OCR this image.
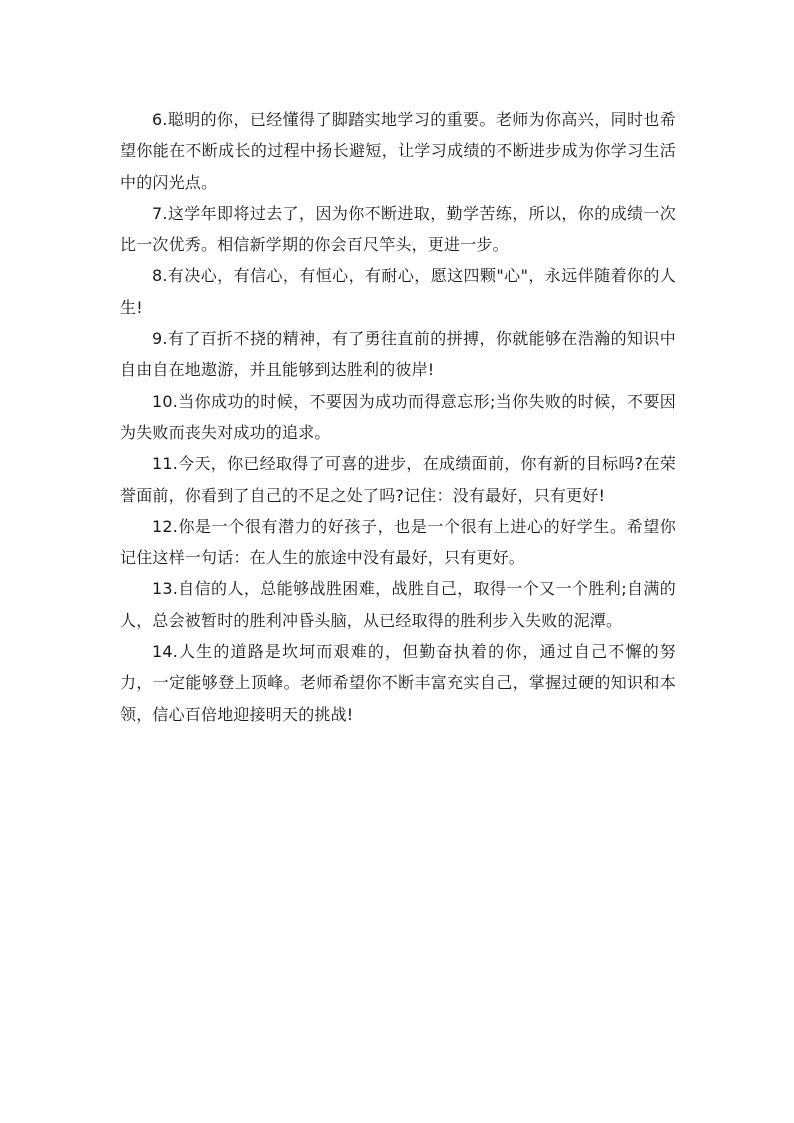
6.聪明的你，已经懂得了脚踏实地学习的重要。老师为你高兴，同时也希望你能在不断成长的过程中扬长避短，让学习成绩的不断进步成为你学习生活中的闪光点。

7.这学年即将过去了，因为你不断进取，勤学苦练，所以，你的成绩一次比一次优秀。相信新学期的你会百尺竿头，更进一步。

8.有决心，有信心，有恒心，有耐心，愿这四颗"心"，永远伴随着你的人生!

9.有了百折不挠的精神，有了勇往直前的拼搏，你就能够在浩瀚的知识中自由自在地遨游，并且能够到达胜利的彼岸!

10.当你成功的时候，不要因为成功而得意忘形;当你失败的时候，不要因为失败而丧失对成功的追求。

11.今天，你已经取得了可喜的进步，在成绩面前，你有新的目标吗?在荣誉面前，你看到了自己的不足之处了吗?记住：没有最好，只有更好!

12.你是一个很有潜力的好孩子，也是一个很有上进心的好学生。希望你记住这样一句话：在人生的旅途中没有最好，只有更好。

13.自信的人，总能够战胜困难，战胜自己，取得一个又一个胜利;自满的人，总会被暂时的胜利冲昏头脑，从已经取得的胜利步入失败的泥潭。

14.人生的道路是坎坷而艰难的，但勤奋执着的你，通过自己不懈的努力，一定能够登上顶峰。老师希望你不断丰富充实自己，掌握过硬的知识和本领，信心百倍地迎接明天的挑战!
